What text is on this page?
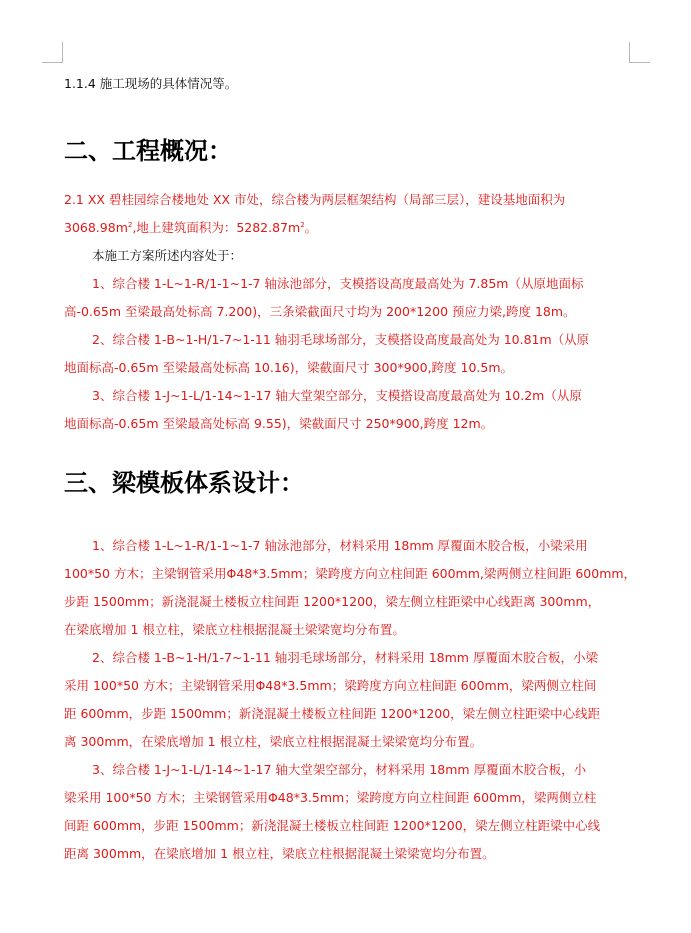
1.1.4 施工现场的具体情况等。
二、工程概况：
2.1 XX 碧桂园综合楼地处 XX 市处，综合楼为两层框架结构（局部三层），建设基地面积为
$3068.98m^2$,地上建筑面积为：$5282.87m^2$。
本施工方案所述内容处于：
1、综合楼 1-L~1-R/1-1~1-7 轴泳池部分，支模搭设高度最高处为 7.85m（从原地面标
高-0.65m 至梁最高处标高 7.200)，三条梁截面尺寸均为 200*1200 预应力梁,跨度 18m。
2、综合楼 1-B~1-H/1-7~1-11 轴羽毛球场部分，支模搭设高度最高处为 10.81m（从原
地面标高-0.65m 至梁最高处标高 10.16)，梁截面尺寸 300*900,跨度 10.5m。
3、综合楼 1-J~1-L/1-14~1-17 轴大堂架空部分，支模搭设高度最高处为 10.2m（从原
地面标高-0.65m 至梁最高处标高 9.55)，梁截面尺寸 250*900,跨度 12m。
三、梁模板体系设计：
1、综合楼 1-L~1-R/1-1~1-7 轴泳池部分，材料采用 18mm 厚覆面木胶合板，小梁采用
100*50 方木；主梁钢管采用Φ48*3.5mm；梁跨度方向立柱间距 600mm,梁两侧立柱间距 600mm，
步距 1500mm；新浇混凝土楼板立柱间距 1200*1200，梁左侧立柱距梁中心线距离 300mm，
在梁底增加 1 根立柱，梁底立柱根据混凝土梁梁宽均分布置。
2、综合楼 1-B~1-H/1-7~1-11 轴羽毛球场部分，材料采用 18mm 厚覆面木胶合板，小梁
采用 100*50 方木；主梁钢管采用Φ48*3.5mm；梁跨度方向立柱间距 600mm，梁两侧立柱间
距 600mm，步距 1500mm；新浇混凝土楼板立柱间距 1200*1200，梁左侧立柱距梁中心线距
离 300mm，在梁底增加 1 根立柱，梁底立柱根据混凝土梁梁宽均分布置。
3、综合楼 1-J~1-L/1-14~1-17 轴大堂架空部分，材料采用 18mm 厚覆面木胶合板，小
梁采用 100*50 方木；主梁钢管采用Φ48*3.5mm；梁跨度方向立柱间距 600mm，梁两侧立柱
间距 600mm，步距 1500mm；新浇混凝土楼板立柱间距 1200*1200，梁左侧立柱距梁中心线
距离 300mm，在梁底增加 1 根立柱，梁底立柱根据混凝土梁梁宽均分布置。
